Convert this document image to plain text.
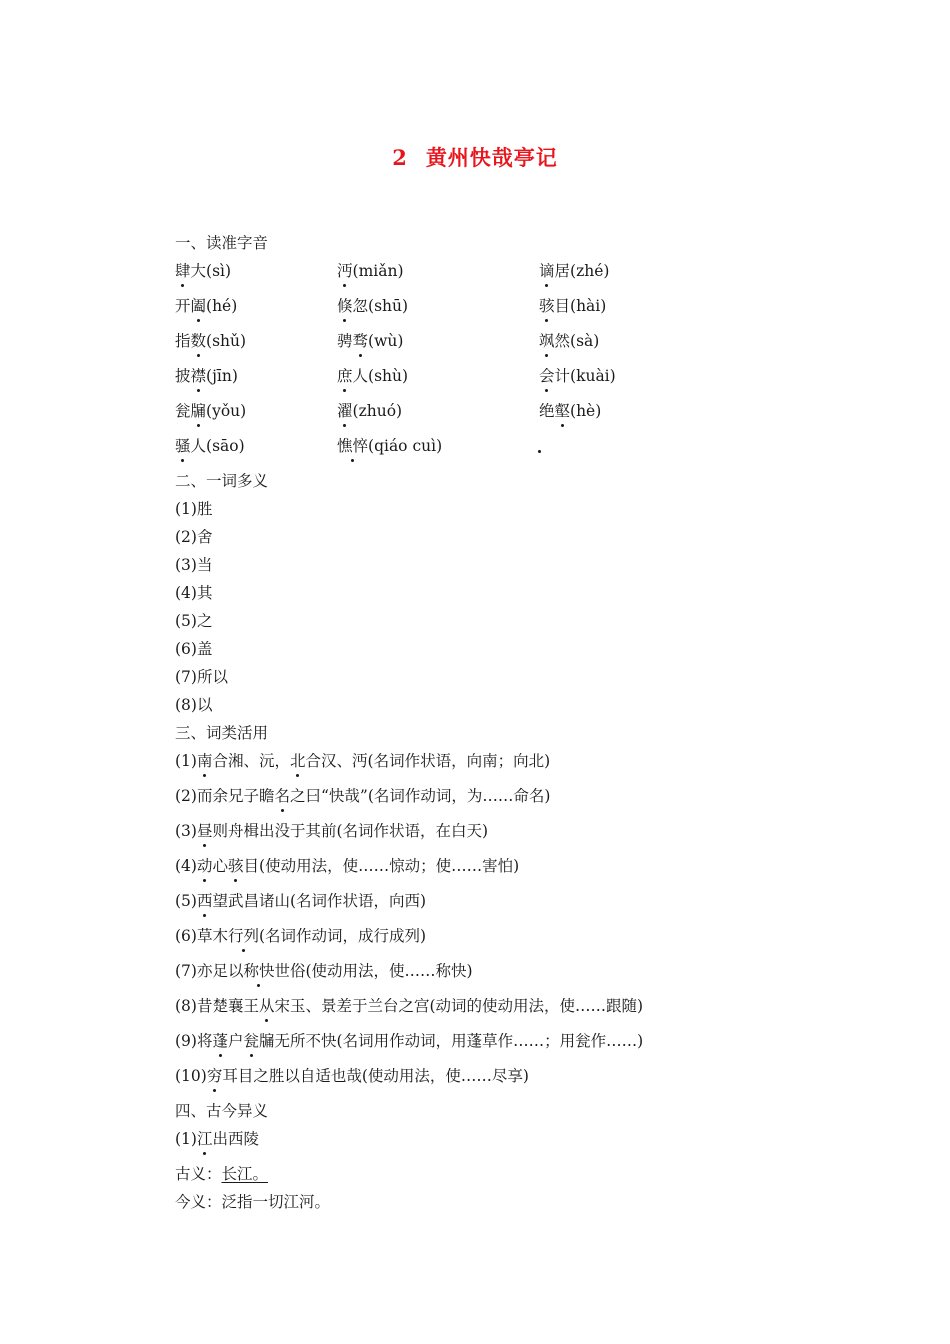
2 黄州快哉亭记
一、读准字音
肆大(sì)	沔(miǎn)	谪居(zhé)
开阖(hé)	倏忽(shū)	骇目(hài)
指数(shǔ)	骋骛(wù)	飒然(sà)
披襟(jīn)	庶人(shù)	会计(kuài)
瓮牖(yǒu)	濯(zhuó)	绝壑(hè)
骚人(sāo)	憔悴(qiáo cuì)
二、一词多义
(1)胜
(2)舍
(3)当
(4)其
(5)之
(6)盖
(7)所以
(8)以
三、词类活用
(1)南合湘、沅，北合汉、沔(名词作状语，向南；向北)
(2)而余兄子瞻名之曰“快哉”(名词作动词，为……命名)
(3)昼则舟楫出没于其前(名词作状语，在白天)
(4)动心骇目(使动用法，使……惊动；使……害怕)
(5)西望武昌诸山(名词作状语，向西)
(6)草木行列(名词作动词，成行成列)
(7)亦足以称快世俗(使动用法，使……称快)
(8)昔楚襄王从宋玉、景差于兰台之宫(动词的使动用法，使……跟随)
(9)将蓬户瓮牖无所不快(名词用作动词，用蓬草作……；用瓮作……)
(10)穷耳目之胜以自适也哉(使动用法，使……尽享)
四、古今异义
(1)江出西陵
古义：长江。
今义：泛指一切江河。
